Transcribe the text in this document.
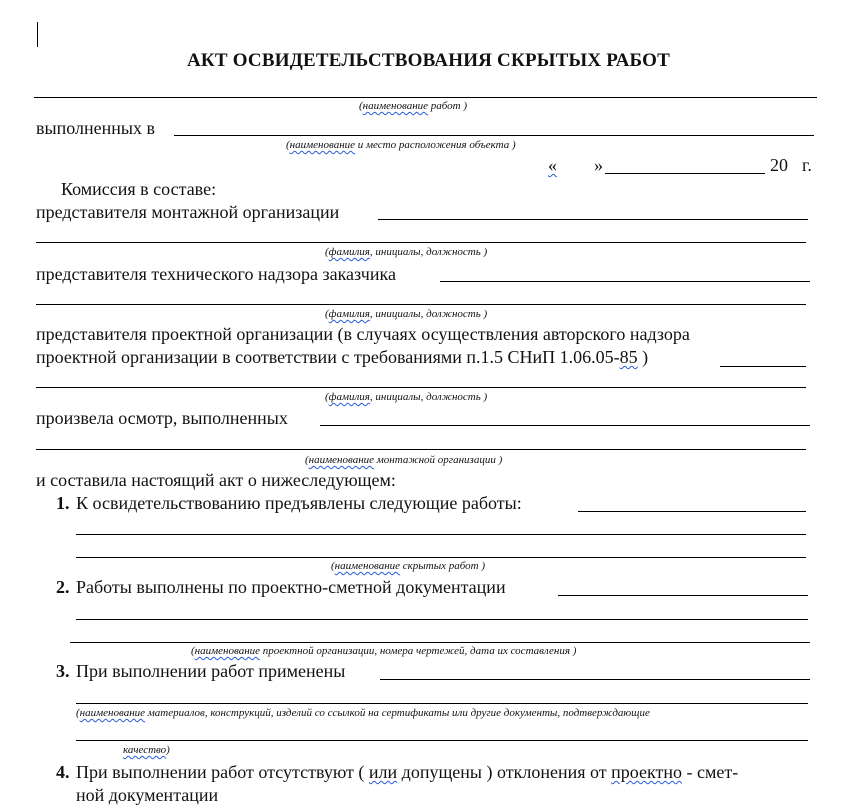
АКТ ОСВИДЕТЕЛЬСТВОВАНИЯ СКРЫТЫХ РАБОТ
(наименование работ )
выполненных в
(наименование и место расположения объекта )
« »	20 г.
Комиссия в составе:
представителя монтажной организации
(фамилия, инициалы, должность )
представителя технического надзора заказчика
(фамилия, инициалы, должность )
представителя проектной организации (в случаях осуществления авторского надзора
проектной организации в соответствии с требованиями п.1.5 СНиП 1.06.05-85 )
(фамилия, инициалы, должность )
произвела осмотр, выполненных
(наименование монтажной организации )
и составила настоящий акт о нижеследующем:
1. К освидетельствованию предъявлены следующие работы:
(наименование скрытых работ )
2. Работы выполнены по проектно-сметной документации
(наименование проектной организации, номера чертежей, дата их составления )
3. При выполнении работ применены
(наименование материалов, конструкций, изделий со ссылкой на сертификаты или другие документы, подтверждающие
качество)
4. При выполнении работ отсутствуют ( или допущены ) отклонения от проектно - смет-
ной документации
